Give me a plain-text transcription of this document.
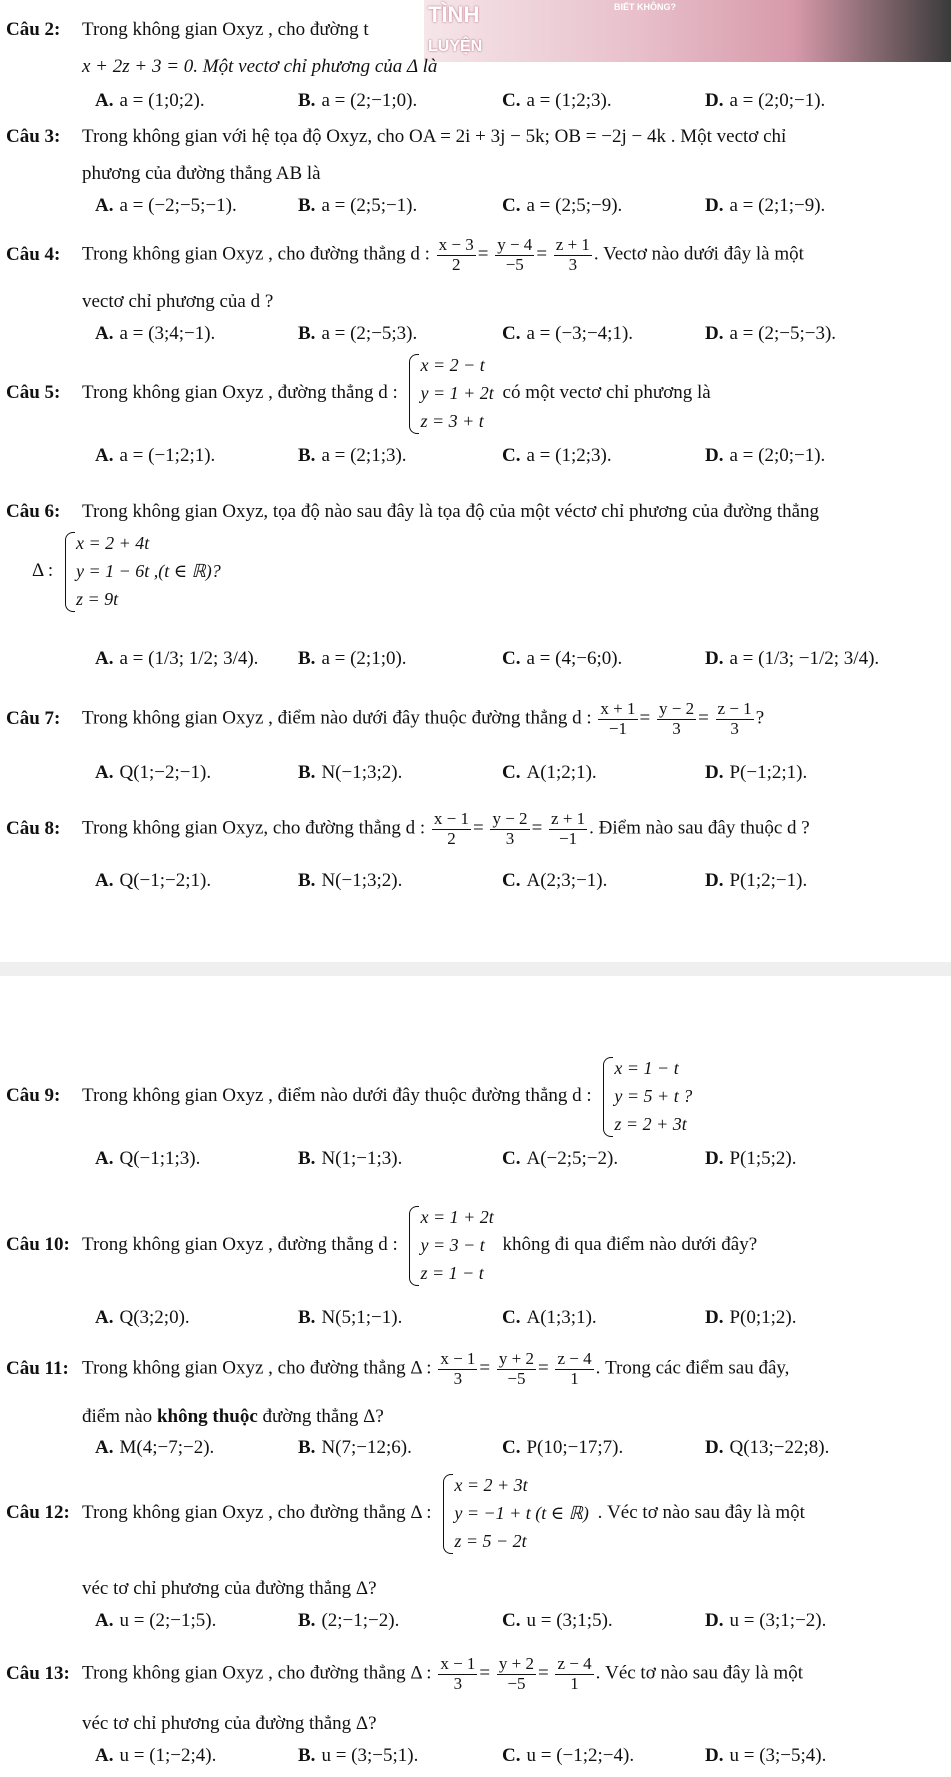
TÌNH	BIẾT KHÔNG?
LUYỆN
Câu 2: Trong không gian Oxyz , cho đường t
x + 2z + 3 = 0. Một vectơ chỉ phương của Δ là
A. a = (1;0;2).	B. a = (2;−1;0).	C. a = (1;2;3).	D. a = (2;0;−1).
Câu 3: Trong không gian với hệ tọa độ Oxyz, cho OA = 2i + 3j − 5k; OB = −2j − 4k . Một vectơ chỉ
phương của đường thẳng AB là
A. a = (−2;−5;−1).	B. a = (2;5;−1).	C. a = (2;5;−9).	D. a = (2;1;−9).
Câu 4: Trong không gian Oxyz , cho đường thẳng d : $\frac{x - 3}{2} = \frac{y - 4}{-5} = \frac{z + 1}{3}$ . Vectơ nào dưới đây là một
vectơ chỉ phương của d ?
A. a = (3;4;−1).	B. a = (2;−5;3).	C. a = (−3;−4;1).	D. a = (2;−5;−3).
Câu 5: Trong không gian Oxyz , đường thẳng d :
x = 2 − t
y = 1 + 2t
z = 3 + t
có một vectơ chỉ phương là
A. a = (−1;2;1).	B. a = (2;1;3).	C. a = (1;2;3).	D. a = (2;0;−1).
Câu 6: Trong không gian Oxyz, tọa độ nào sau đây là tọa độ của một véctơ chỉ phương của đường thẳng
Δ :
x = 2 + 4t
y = 1 − 6t ,(t ∈ ℝ)?
z = 9t
A. a = (1/3; 1/2; 3/4). B. a = (2;1;0).	C. a = (4;−6;0).	D. a = (1/3; −1/2; 3/4).
Câu 7: Trong không gian Oxyz , điểm nào dưới đây thuộc đường thẳng d : $\frac{x + 1}{-1} = \frac{y - 2}{3} = \frac{z - 1}{3}$ ?
A. Q(1;−2;−1).	B. N(−1;3;2).	C. A(1;2;1).	D. P(−1;2;1).
Câu 8: Trong không gian Oxyz, cho đường thẳng d : $\frac{x - 1}{2} = \frac{y - 2}{3} = \frac{z + 1}{-1}$ . Điểm nào sau đây thuộc d ?
A. Q(−1;−2;1).	B. N(−1;3;2).	C. A(2;3;−1).	D. P(1;2;−1).
Câu 9: Trong không gian Oxyz , điểm nào dưới đây thuộc đường thẳng d :
x = 1 − t
y = 5 + t ?
z = 2 + 3t
A. Q(−1;1;3).	B. N(1;−1;3).	C. A(−2;5;−2).	D. P(1;5;2).
Câu 10: Trong không gian Oxyz , đường thẳng d :
x = 1 + 2t
y = 3 − t
z = 1 − t
không đi qua điểm nào dưới đây?
A. Q(3;2;0).	B. N(5;1;−1).	C. A(1;3;1).	D. P(0;1;2).
Câu 11: Trong không gian Oxyz , cho đường thẳng Δ : $\frac{x - 1}{3} = \frac{y + 2}{-5} = \frac{z - 4}{1}$ . Trong các điểm sau đây,
điểm nào không thuộc đường thẳng Δ?
A. M(4;−7;−2).	B. N(7;−12;6).	C. P(10;−17;7).	D. Q(13;−22;8).
Câu 12: Trong không gian Oxyz , cho đường thẳng Δ :
x = 2 + 3t
y = −1 + t (t ∈ ℝ)
z = 5 − 2t
. Véc tơ nào sau đây là một
véc tơ chỉ phương của đường thẳng Δ?
A. u = (2;−1;5).	B. (2;−1;−2).	C. u = (3;1;5).	D. u = (3;1;−2).
Câu 13: Trong không gian Oxyz , cho đường thẳng Δ : $\frac{x - 1}{3} = \frac{y + 2}{-5} = \frac{z - 4}{1}$ . Véc tơ nào sau đây là một
véc tơ chỉ phương của đường thẳng Δ?
A. u = (1;−2;4).	B. u = (3;−5;1).	C. u = (−1;2;−4).	D. u = (3;−5;4).
